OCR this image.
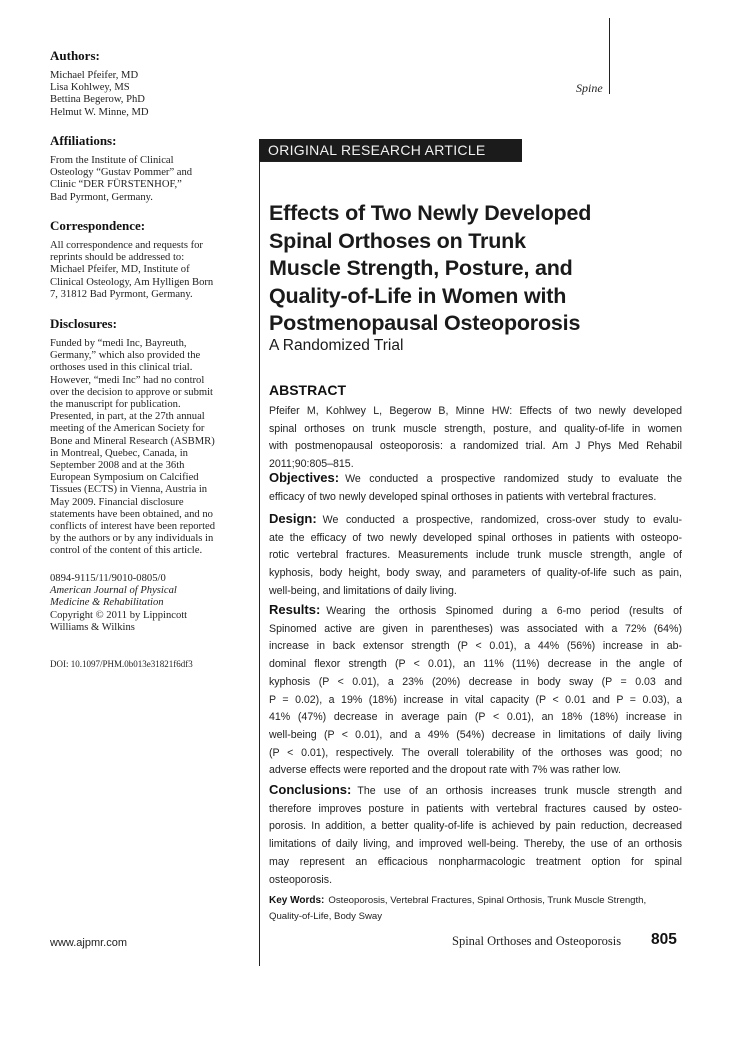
Spine
Authors:
Michael Pfeifer, MD
Lisa Kohlwey, MS
Bettina Begerow, PhD
Helmut W. Minne, MD
Affiliations:
From the Institute of Clinical
Osteology “Gustav Pommer” and
Clinic “DER FÜRSTENHOF,”
Bad Pyrmont, Germany.
Correspondence:
All correspondence and requests for
reprints should be addressed to:
Michael Pfeifer, MD, Institute of
Clinical Osteology, Am Hylligen Born
7, 31812 Bad Pyrmont, Germany.
Disclosures:
Funded by “medi Inc, Bayreuth,
Germany,” which also provided the
orthoses used in this clinical trial.
However, “medi Inc” had no control
over the decision to approve or submit
the manuscript for publication.
Presented, in part, at the 27th annual
meeting of the American Society for
Bone and Mineral Research (ASBMR)
in Montreal, Quebec, Canada, in
September 2008 and at the 36th
European Symposium on Calcified
Tissues (ECTS) in Vienna, Austria in
May 2009. Financial disclosure
statements have been obtained, and no
conflicts of interest have been reported
by the authors or by any individuals in
control of the content of this article.
0894-9115/11/9010-0805/0
American Journal of Physical
Medicine & Rehabilitation
Copyright © 2011 by Lippincott
Williams & Wilkins
DOI: 10.1097/PHM.0b013e31821f6df3
ORIGINAL RESEARCH ARTICLE
Effects of Two Newly Developed
Spinal Orthoses on Trunk
Muscle Strength, Posture, and
Quality-of-Life in Women with
Postmenopausal Osteoporosis
A Randomized Trial
ABSTRACT
Pfeifer M, Kohlwey L, Begerow B, Minne HW: Effects of two newly developed
spinal orthoses on trunk muscle strength, posture, and quality-of-life in women
with postmenopausal osteoporosis: a randomized trial. Am J Phys Med Rehabil
2011;90:805–815.
Objectives: We conducted a prospective randomized study to evaluate the
efficacy of two newly developed spinal orthoses in patients with vertebral fractures.
Design: We conducted a prospective, randomized, cross-over study to evalu-
ate the efficacy of two newly developed spinal orthoses in patients with osteopo-
rotic vertebral fractures. Measurements include trunk muscle strength, angle of
kyphosis, body height, body sway, and parameters of quality-of-life such as pain,
well-being, and limitations of daily living.
Results: Wearing the orthosis Spinomed during a 6-mo period (results of
Spinomed active are given in parentheses) was associated with a 72% (64%)
increase in back extensor strength (P < 0.01), a 44% (56%) increase in ab-
dominal flexor strength (P < 0.01), an 11% (11%) decrease in the angle of
kyphosis (P < 0.01), a 23% (20%) decrease in body sway (P = 0.03 and
P = 0.02), a 19% (18%) increase in vital capacity (P < 0.01 and P = 0.03), a
41% (47%) decrease in average pain (P < 0.01), an 18% (18%) increase in
well-being (P < 0.01), and a 49% (54%) decrease in limitations of daily living
(P < 0.01), respectively. The overall tolerability of the orthoses was good; no
adverse effects were reported and the dropout rate with 7% was rather low.
Conclusions: The use of an orthosis increases trunk muscle strength and
therefore improves posture in patients with vertebral fractures caused by osteo-
porosis. In addition, a better quality-of-life is achieved by pain reduction, decreased
limitations of daily living, and improved well-being. Thereby, the use of an orthosis
may represent an efficacious nonpharmacologic treatment option for spinal
osteoporosis.
Key Words: Osteoporosis, Vertebral Fractures, Spinal Orthosis, Trunk Muscle Strength,
Quality-of-Life, Body Sway
www.ajpmr.com	Spinal Orthoses and Osteoporosis 805
